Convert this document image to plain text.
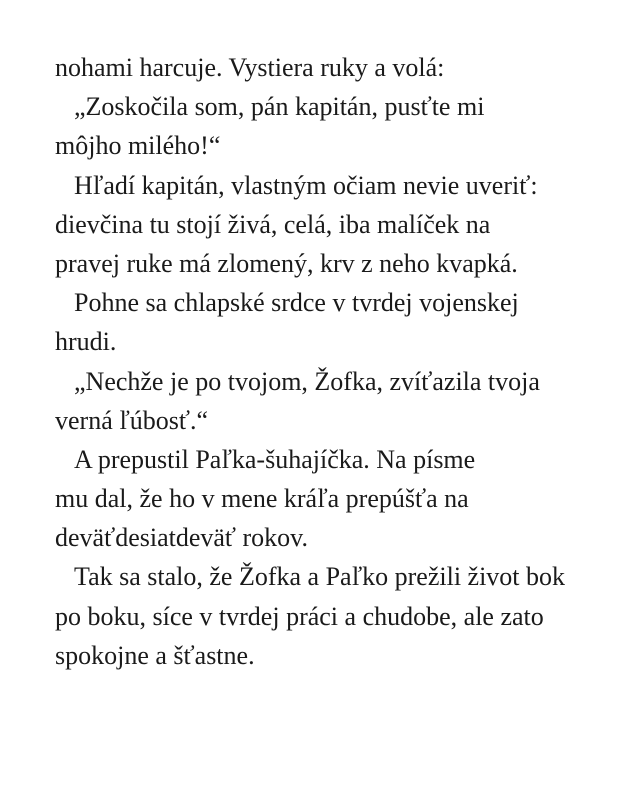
nohami harcuje. Vystiera ruky a volá:
„Zoskočila som, pán kapitán, pusťte mi
môjho milého!“
Hľadí kapitán, vlastným očiam nevie uveriť:
dievčina tu stojí živá, celá, iba malíček na
pravej ruke má zlomený, krv z neho kvapká.
Pohne sa chlapské srdce v tvrdej vojenskej
hrudi.
„Nechže je po tvojom, Žofka, zvíťazila tvoja
verná ľúbosť.“
A prepustil Paľka-šuhajíčka. Na písme
mu dal, že ho v mene kráľa prepúšťa na
deväťdesiatdeväť rokov.
Tak sa stalo, že Žofka a Paľko prežili život bok
po boku, síce v tvrdej práci a chudobe, ale zato
spokojne a šťastne.
